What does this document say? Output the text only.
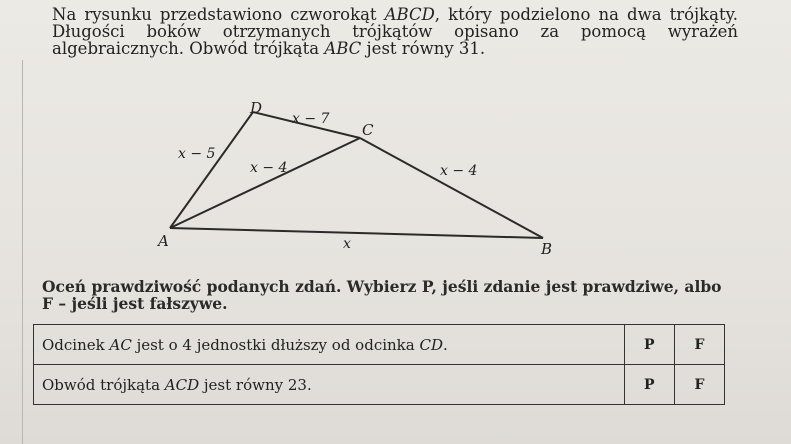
Na rysunku przedstawiono czworokąt ABCD, który podzielono na dwa trójkąty. Długości boków otrzymanych trójkątów opisano za pomocą wyrażeń algebraicznych. Obwód trójkąta ABC jest równy 31.

A	B
C
D
x − 7
x − 5
x − 4	x − 4
x
Oceń prawdziwość podanych zdań. Wybierz P, jeśli zdanie jest prawdziwe, albo F – jeśli jest fałszywe.
Odcinek AC jest o 4 jednostki dłuższy od odcinka CD.	P	F
Obwód trójkąta ACD jest równy 23.	P	F
